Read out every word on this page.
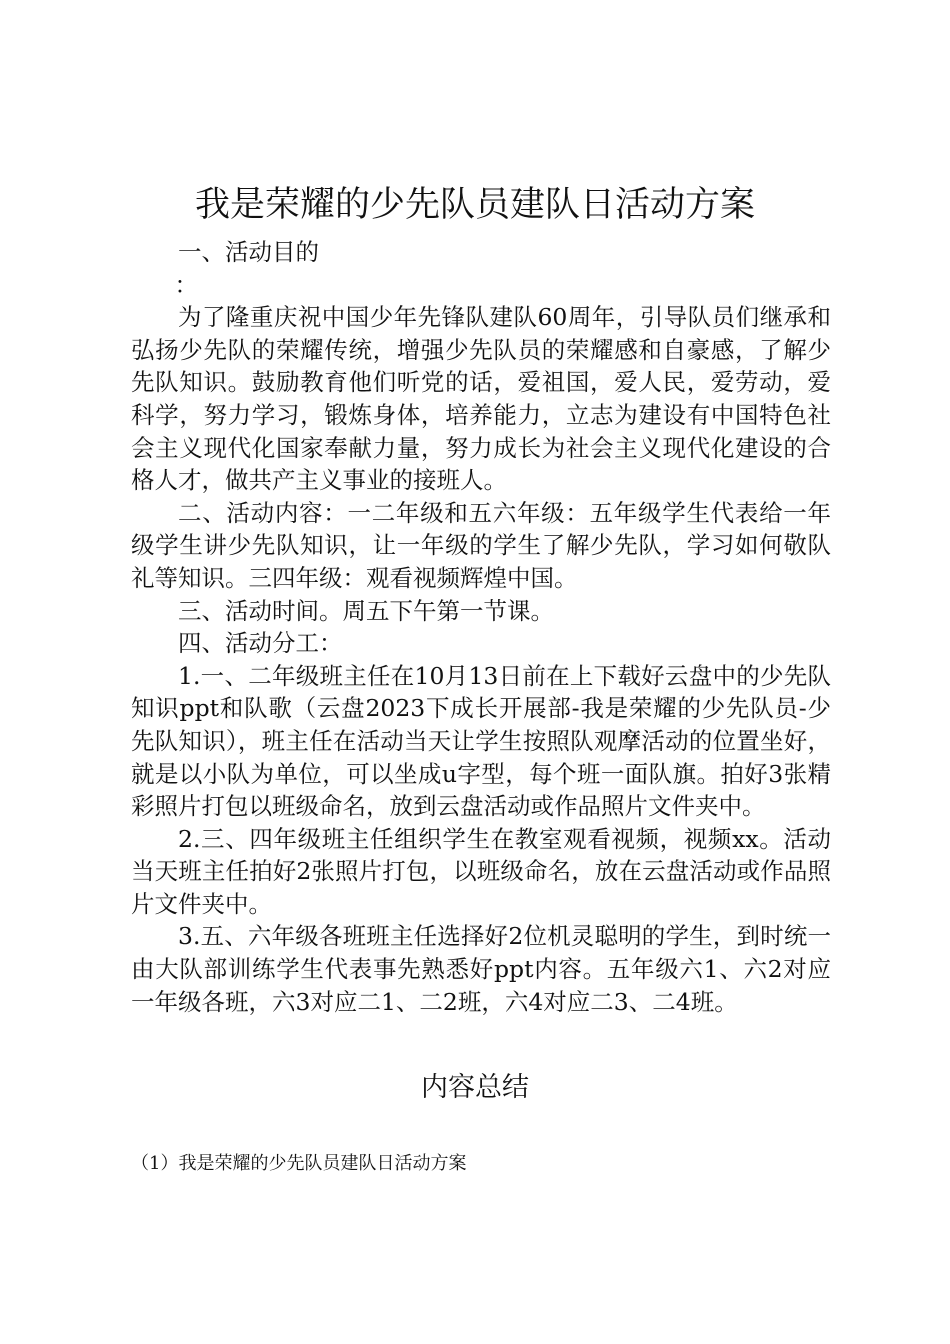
我是荣耀的少先队员建队日活动方案

一、活动目的

：

为了隆重庆祝中国少年先锋队建队60周年，引导队员们继承和弘扬少先队的荣耀传统，增强少先队员的荣耀感和自豪感，了解少先队知识。鼓励教育他们听党的话，爱祖国，爱人民，爱劳动，爱科学，努力学习，锻炼身体，培养能力，立志为建设有中国特色社会主义现代化国家奉献力量，努力成长为社会主义现代化建设的合格人才，做共产主义事业的接班人。

二、活动内容：一二年级和五六年级：五年级学生代表给一年级学生讲少先队知识，让一年级的学生了解少先队，学习如何敬队礼等知识。三四年级：观看视频辉煌中国。

三、活动时间。周五下午第一节课。

四、活动分工：

1.一、二年级班主任在10月13日前在上下载好云盘中的少先队知识ppt和队歌（云盘2023下成长开展部-我是荣耀的少先队员-少先队知识），班主任在活动当天让学生按照队观摩活动的位置坐好，就是以小队为单位，可以坐成u字型，每个班一面队旗。拍好3张精彩照片打包以班级命名，放到云盘活动或作品照片文件夹中。

2.三、四年级班主任组织学生在教室观看视频，视频xx。活动当天班主任拍好2张照片打包，以班级命名，放在云盘活动或作品照片文件夹中。

3.五、六年级各班班主任选择好2位机灵聪明的学生，到时统一由大队部训练学生代表事先熟悉好ppt内容。五年级六1、六2对应一年级各班，六3对应二1、二2班，六4对应二3、二4班。

内容总结
（1）我是荣耀的少先队员建队日活动方案
